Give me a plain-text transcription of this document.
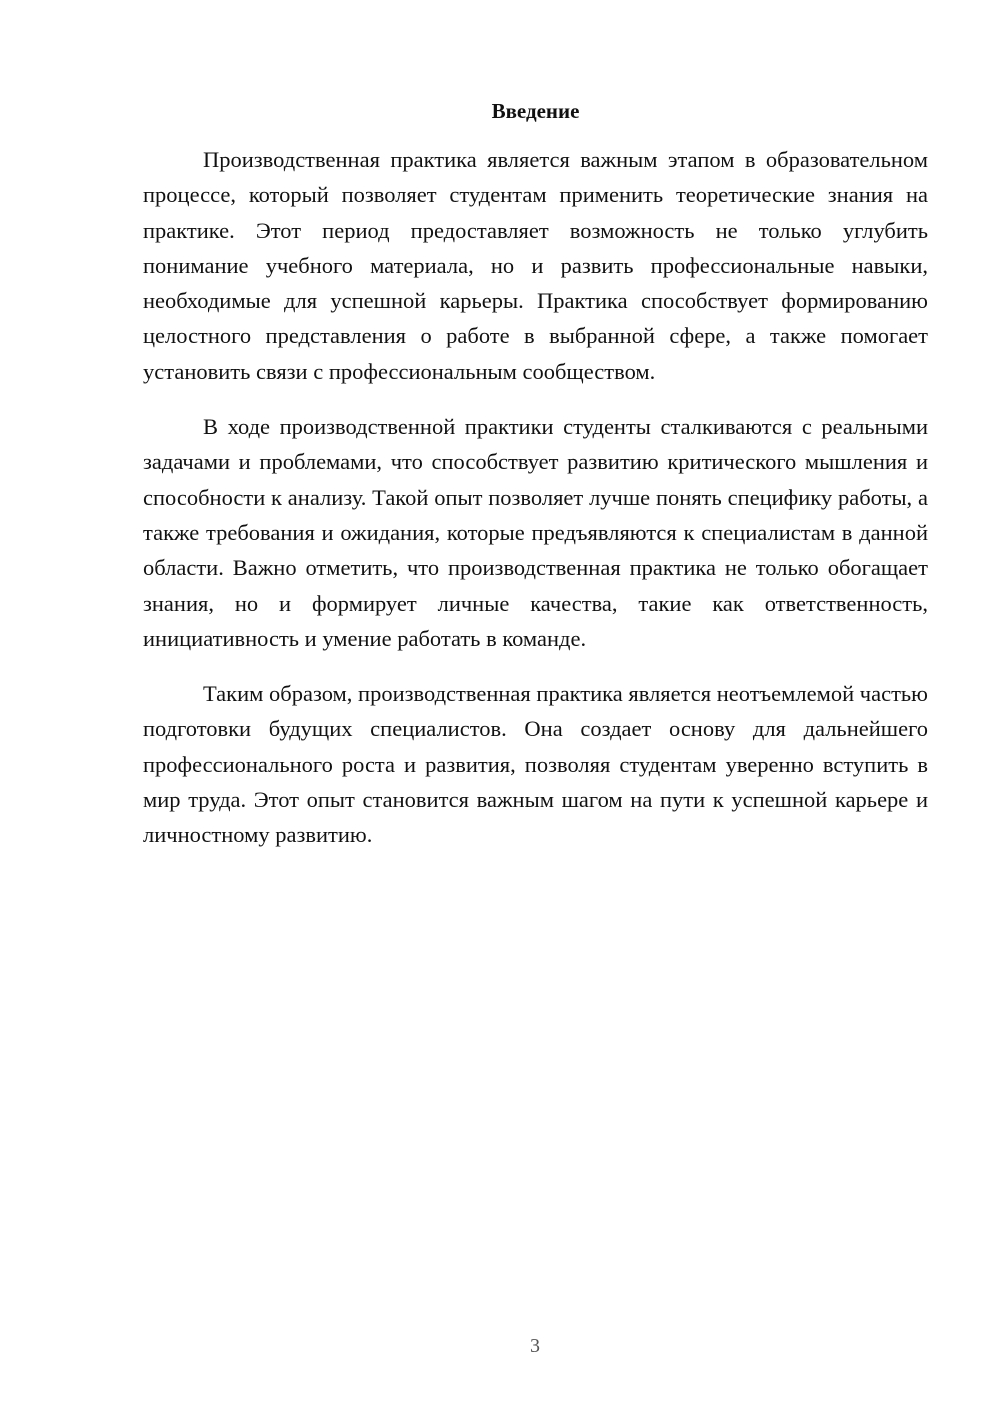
Введение

Производственная практика является важным этапом в образовательном процессе, который позволяет студентам применить теоретические знания на практике. Этот период предоставляет возможность не только углубить понимание учебного материала, но и развить профессиональные навыки, необходимые для успешной карьеры. Практика способствует формированию целостного представления о работе в выбранной сфере, а также помогает установить связи с профессиональным сообществом.

В ходе производственной практики студенты сталкиваются с реальными задачами и проблемами, что способствует развитию критического мышления и способности к анализу. Такой опыт позволяет лучше понять специфику работы, а также требования и ожидания, которые предъявляются к специалистам в данной области. Важно отметить, что производственная практика не только обогащает знания, но и формирует личные качества, такие как ответственность, инициативность и умение работать в команде.

Таким образом, производственная практика является неотъемлемой частью подготовки будущих специалистов. Она создает основу для дальнейшего профессионального роста и развития, позволяя студентам уверенно вступить в мир труда. Этот опыт становится важным шагом на пути к успешной карьере и личностному развитию.

3
